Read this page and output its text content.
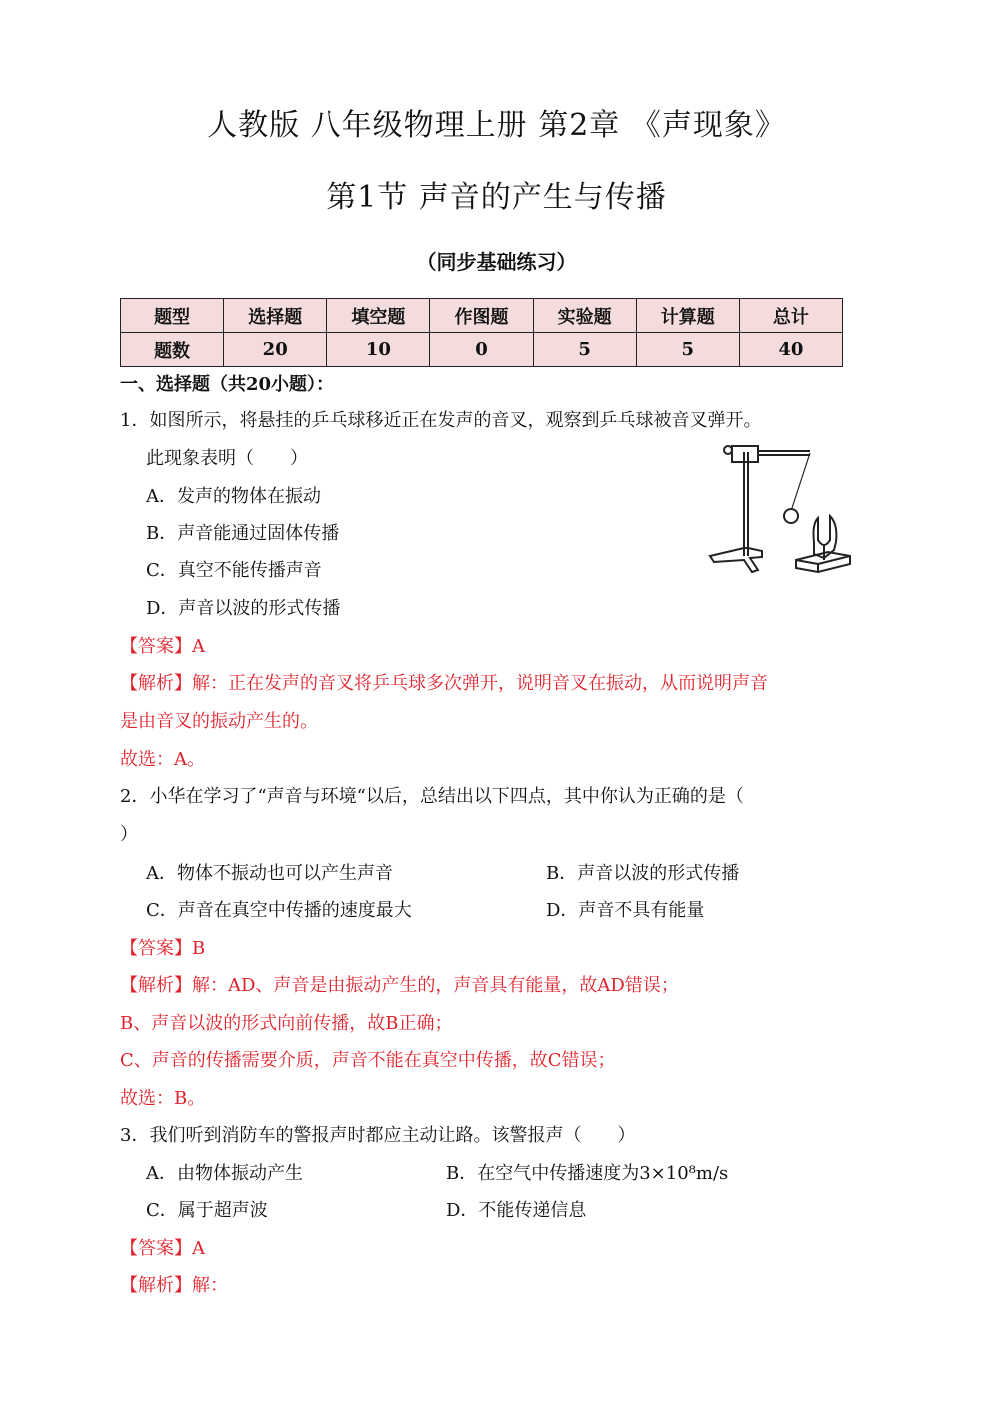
人教版 八年级物理上册 第2章 《声现象》
第1节 声音的产生与传播
（同步基础练习）
题型	选择题	填空题	作图题	实验题	计算题	总计
题数	20	10	0	5	5	40
一、选择题（共20小题）：
1．如图所示，将悬挂的乒乓球移近正在发声的音叉，观察到乒乓球被音叉弹开。
此现象表明（　　）
A．发声的物体在振动
B．声音能通过固体传播
C．真空不能传播声音
D．声音以波的形式传播
【答案】A
【解析】解：正在发声的音叉将乒乓球多次弹开，说明音叉在振动，从而说明声音
是由音叉的振动产生的。
故选：A。
2．小华在学习了“声音与环境“以后，总结出以下四点，其中你认为正确的是（
）
A．物体不振动也可以产生声音	B．声音以波的形式传播
C．声音在真空中传播的速度最大	D．声音不具有能量
【答案】B
【解析】解：AD、声音是由振动产生的，声音具有能量，故AD错误；
B、声音以波的形式向前传播，故B正确；
C、声音的传播需要介质，声音不能在真空中传播，故C错误；
故选：B。
3．我们听到消防车的警报声时都应主动让路。该警报声（　　）
A．由物体振动产生	B．在空气中传播速度为3×10⁸m/s
C．属于超声波	D．不能传递信息
【答案】A
【解析】解：
